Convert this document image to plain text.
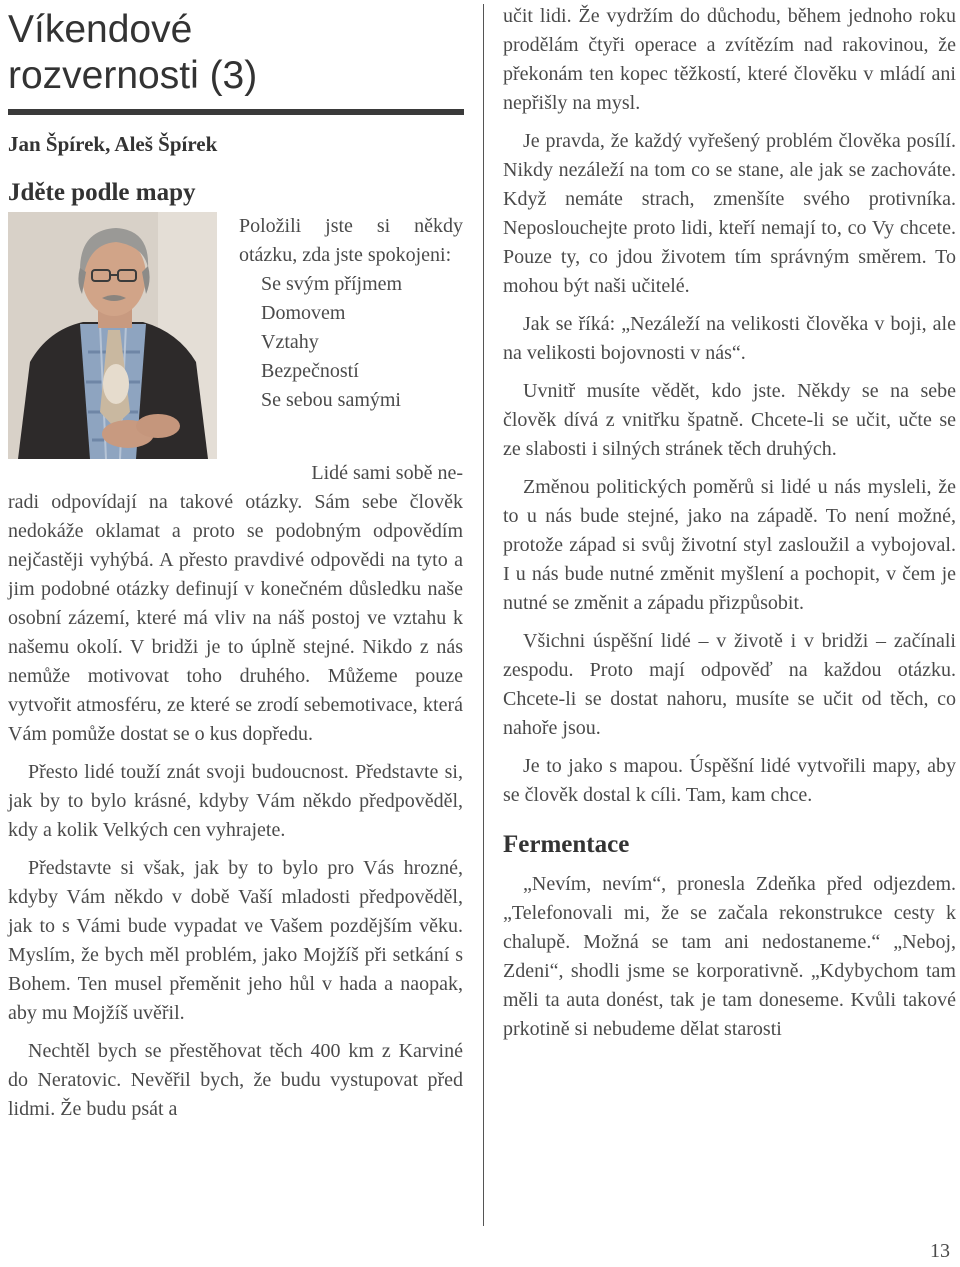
Víkendové
rozvernosti (3)
Jan Špírek, Aleš Špírek
Jděte podle mapy

Položili jste si někdy otázku, zda jste spokojeni:

Se svým příjmem

Domovem

Vztahy

Bezpečností

Se sebou samými

Lidé sami sobě ne-

radi odpovídají na takové otázky. Sám sebe člověk nedokáže oklamat a proto se podobným odpovědím nejčastěji vyhýbá. A přesto pravdivé odpovědi na tyto a jim podobné otázky definují v konečném důsledku naše osobní zázemí, které má vliv na náš postoj ve vztahu k našemu okolí. V bridži je to úplně stejné. Nikdo z nás nemůže motivovat toho druhého. Můžeme pouze vytvořit atmosféru, ze které se zrodí sebemotivace, která Vám pomůže dostat se o kus dopředu.

Přesto lidé touží znát svoji budoucnost. Představte si, jak by to bylo krásné, kdyby Vám někdo předpověděl, kdy a kolik Velkých cen vyhrajete.

Představte si však, jak by to bylo pro Vás hrozné, kdyby Vám někdo v době Vaší mladosti předpověděl, jak to s Vámi bude vypadat ve Vašem pozdějším věku. Myslím, že bych měl problém, jako Mojžíš při setkání s Bohem. Ten musel přeměnit jeho hůl v hada a naopak, aby mu Mojžíš uvěřil.

Nechtěl bych se přestěhovat těch 400 km z Karviné do Neratovic. Nevěřil bych, že budu vystupovat před lidmi. Že budu psát a

učit lidi. Že vydržím do důchodu, během jednoho roku prodělám čtyři operace a zvítězím nad rakovinou, že překonám ten kopec těžkostí, které člověku v mládí ani nepřišly na mysl.

Je pravda, že každý vyřešený problém člověka posílí. Nikdy nezáleží na tom co se stane, ale jak se zachováte. Když nemáte strach, zmenšíte svého protivníka. Neposlouchejte proto lidi, kteří nemají to, co Vy chcete. Pouze ty, co jdou životem tím správným směrem. To mohou být naši učitelé.

Jak se říká: „Nezáleží na velikosti člověka v boji, ale na velikosti bojovnosti v nás“.

Uvnitř musíte vědět, kdo jste. Někdy se na sebe člověk dívá z vnitřku špatně. Chcete-li se učit, učte se ze slabosti i silných stránek těch druhých.

Změnou politických poměrů si lidé u nás mysleli, že to u nás bude stejné, jako na západě. To není možné, protože západ si svůj životní styl zasloužil a vybojoval. I u nás bude nutné změnit myšlení a pochopit, v čem je nutné se změnit a západu přizpůsobit.

Všichni úspěšní lidé – v životě i v bridži – začínali zespodu. Proto mají odpověď na každou otázku. Chcete-li se dostat nahoru, musíte se učit od těch, co nahoře jsou.

Je to jako s mapou. Úspěšní lidé vytvořili mapy, aby se člověk dostal k cíli. Tam, kam chce.

Fermentace

„Nevím, nevím“, pronesla Zdeňka před odjezdem. „Telefonovali mi, že se začala rekonstrukce cesty k chalupě. Možná se tam ani nedostaneme.“ „Neboj, Zdeni“, shodli jsme se korporativně. „Kdybychom tam měli ta auta donést, tak je tam doneseme. Kvůli takové prkotině si nebudeme dělat starosti

13
